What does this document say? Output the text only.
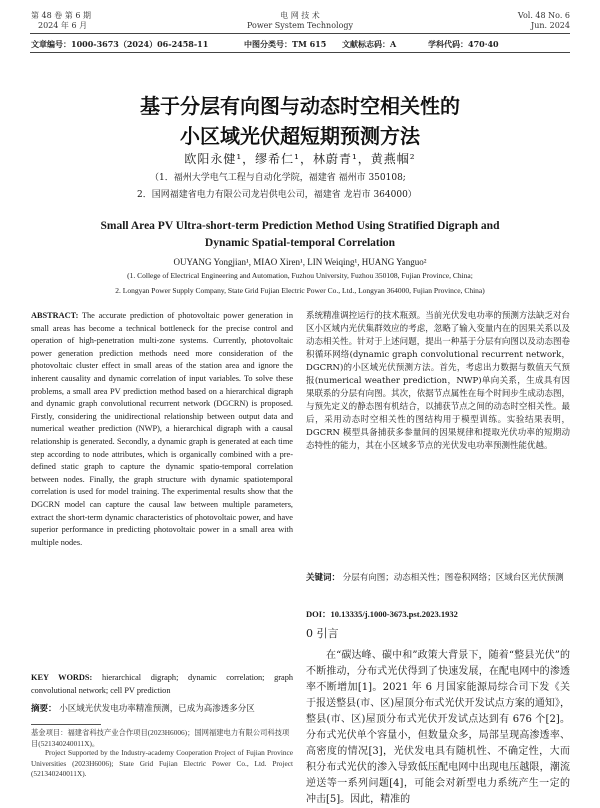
第 48 卷 第 6 期
2024 年 6 月
电 网 技 术
Power System Technology
Vol. 48 No. 6
Jun. 2024
文章编号：1000-3673（2024）06-2458-11	中图分类号：TM 615 文献标志码：A	学科代码：470·40
基于分层有向图与动态时空相关性的
小区域光伏超短期预测方法
欧阳永健¹，缪希仁¹，林蔚青¹，黄燕帼²
（1．福州大学电气工程与自动化学院，福建省 福州市 350108;
2．国网福建省电力有限公司龙岩供电公司，福建省 龙岩市 364000）
Small Area PV Ultra-short-term Prediction Method Using Stratified Digraph and
Dynamic Spatial-temporal Correlation
OUYANG Yongjian¹, MIAO Xiren¹, LIN Weiqing¹, HUANG Yanguo²
(1. College of Electrical Engineering and Automation, Fuzhou University, Fuzhou 350108, Fujian Province, China;
2. Longyan Power Supply Company, State Grid Fujian Electric Power Co., Ltd., Longyan 364000, Fujian Province, China)
ABSTRACT: The accurate prediction of photovoltaic power generation in small areas has become a technical bottleneck for the precise control and operation of high-penetration multi-zone systems. Currently, photovoltaic power generation prediction methods need more consideration of the photovoltaic cluster effect in small areas of the station area and ignore the inherent causality and dynamic correlation of input variables. To solve these problems, a small area PV prediction method based on a hierarchical digraph and dynamic graph convolutional recurrent network (DGCRN) is proposed. Firstly, considering the unidirectional relationship between output data and numerical weather prediction (NWP), a hierarchical digraph with a causal relationship is generated. Secondly, a dynamic graph is generated at each time step according to node attributes, which is organically combined with a pre-defined static graph to capture the dynamic spatio-temporal correlation between nodes. Finally, the graph structure with dynamic spatiotemporal correlation is used for model training. The experimental results show that the DGCRN model can capture the causal law between multiple parameters, extract the short-term dynamic characteristics of photovoltaic power, and have superior performance in predicting photovoltaic power in a small area with multiple nodes.
KEY WORDS: hierarchical digraph; dynamic correlation; graph convolutional network; cell PV prediction
摘要： 小区域光伏发电功率精准预测，已成为高渗透多分区
基金项目：福建省科技产业合作项目(2023H6006)；国网福建电力有限公司科技项目(521340240011X)。
Project Supported by the Industry-academy Cooperation Project of Fujian Province Universities (2023H6006); State Grid Fujian Electric Power Co., Ltd. Project (521340240011X).
系统精准调控运行的技术瓶颈。当前光伏发电功率的预测方法缺乏对台区小区域内光伏集群效应的考虑，忽略了输入变量内在的因果关系以及动态相关性。针对于上述问题，提出一种基于分层有向图以及动态图卷积循环网络(dynamic graph convolutional recurrent network，DGCRN)的小区域光伏预测方法。首先，考虑出力数据与数值天气预报(numerical weather prediction，NWP)单向关系，生成具有因果联系的分层有向图。其次，依据节点属性在每个时间步生成动态图，与预先定义的静态图有机结合，以捕获节点之间的动态时空相关性。最后，采用动态时空相关性的图结构用于模型训练。实验结果表明，DGCRN 模型具备捕获多参量间的因果规律和提取光伏功率的短期动态特性的能力，其在小区域多节点的光伏发电功率预测性能优越。
关键词： 分层有向图；动态相关性；图卷积网络；区域台区光伏预测
DOI：10.13335/j.1000-3673.pst.2023.1932
0 引言
在“碳达峰、碳中和”政策大背景下，随着“整县光伏”的不断推动，分布式光伏得到了快速发展，在配电网中的渗透率不断增加[1]。2021 年 6 月国家能源局综合司下发《关于报送整县(市、区)屋顶分布式光伏开发试点方案的通知》，整县(市、区)屋顶分布式光伏开发试点达到有 676 个[2]。分布式光伏单个容量小，但数量众多，局部呈现高渗透率、高密度的情况[3]，光伏发电具有随机性、不确定性，大而积分布式光伏的渗入导致低压配电网中出现电压越限，潮流逆送等一系列问题[4]，可能会对新型电力系统产生一定的冲击[5]。因此，精准的
